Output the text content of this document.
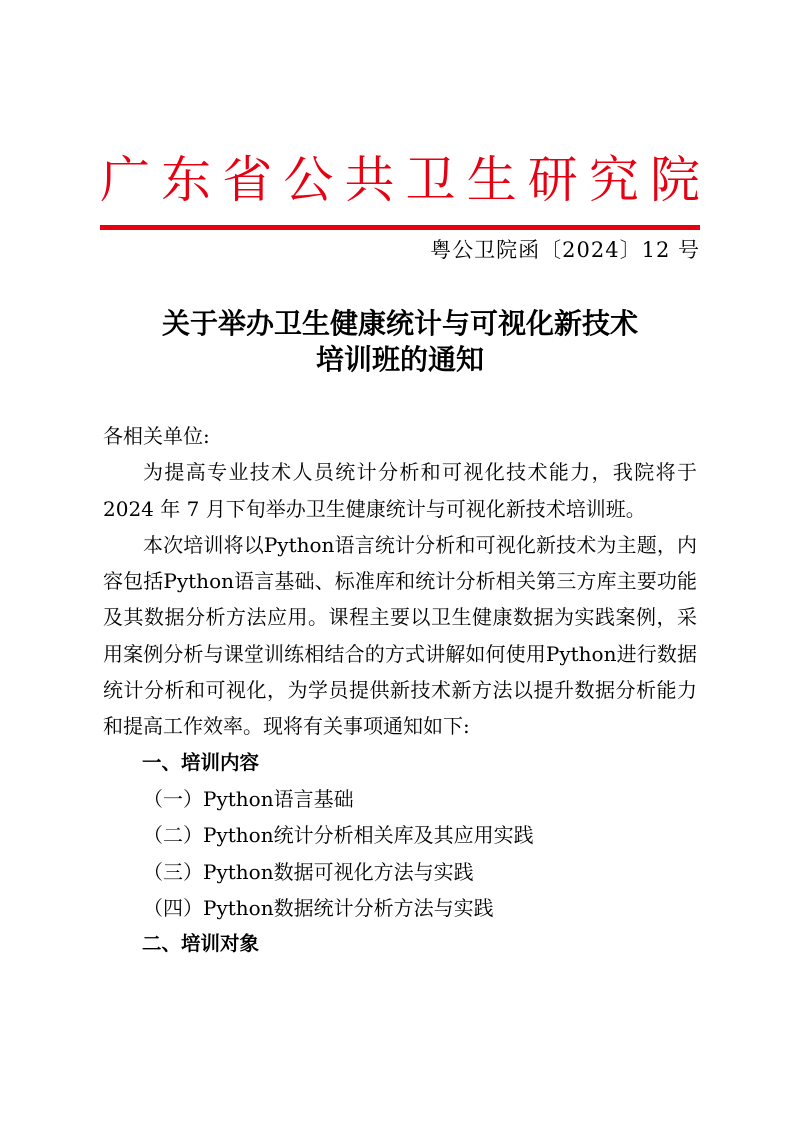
广 东 省 公 共 卫 生 研 究 院
粤公卫院函〔2024〕12 号
关于举办卫生健康统计与可视化新技术
培训班的通知

各相关单位:

为提高专业技术人员统计分析和可视化技术能力，我院将于2024 年 7 月下旬举办卫生健康统计与可视化新技术培训班。

本次培训将以Python语言统计分析和可视化新技术为主题，内容包括Python语言基础、标准库和统计分析相关第三方库主要功能及其数据分析方法应用。课程主要以卫生健康数据为实践案例，采用案例分析与课堂训练相结合的方式讲解如何使用Python进行数据统计分析和可视化，为学员提供新技术新方法以提升数据分析能力和提高工作效率。现将有关事项通知如下:

一、培训内容

（一）Python语言基础

（二）Python统计分析相关库及其应用实践

（三）Python数据可视化方法与实践

（四）Python数据统计分析方法与实践

二、培训对象
